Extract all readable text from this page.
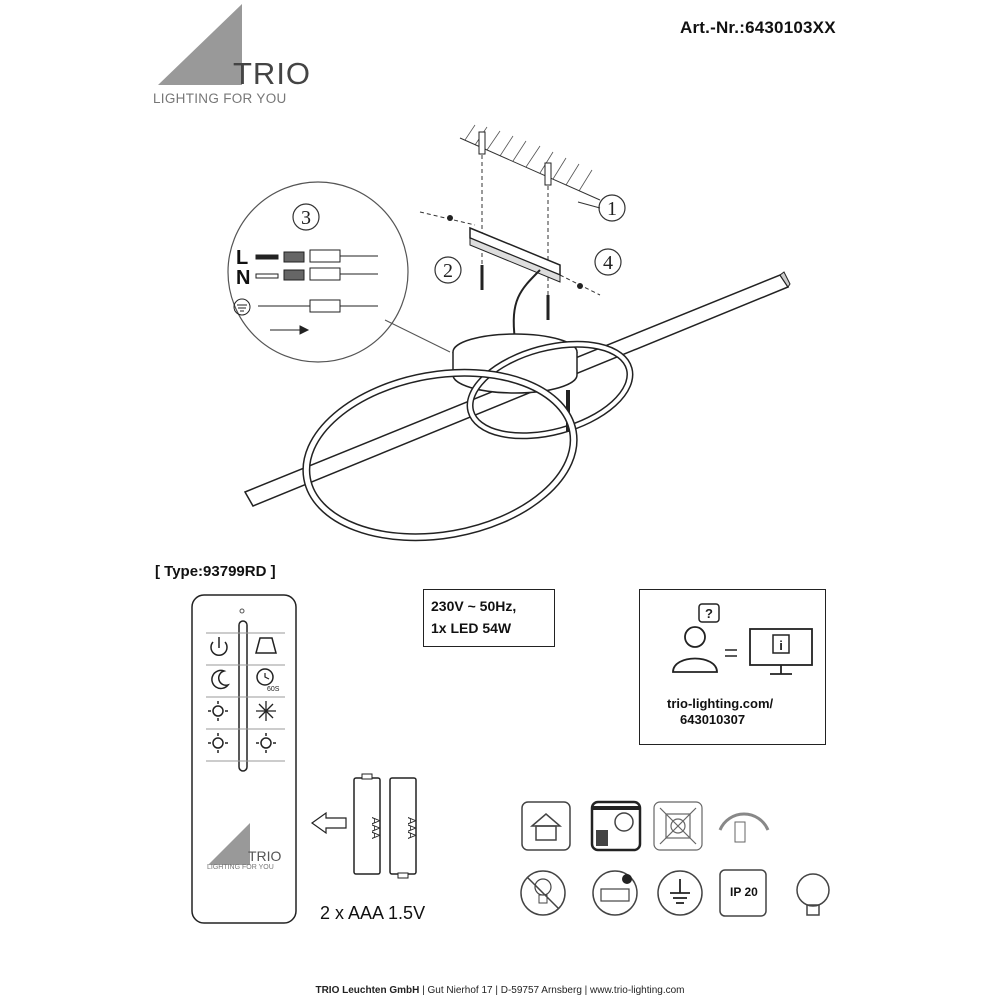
Art.-Nr.:6430103XX
TRIO
LIGHTING FOR YOU
1
2	4
3
L
N
[ Type:93799RD ]
60S
TRIO
LIGHTING FOR YOU
AAA AAA
2 x AAA 1.5V
230V ~ 50Hz,
1x LED 54W
?
i
trio-lighting.com/
643010307
IP 20
TRIO Leuchten GmbH | Gut Nierhof 17 | D-59757 Arnsberg | www.trio-lighting.com
